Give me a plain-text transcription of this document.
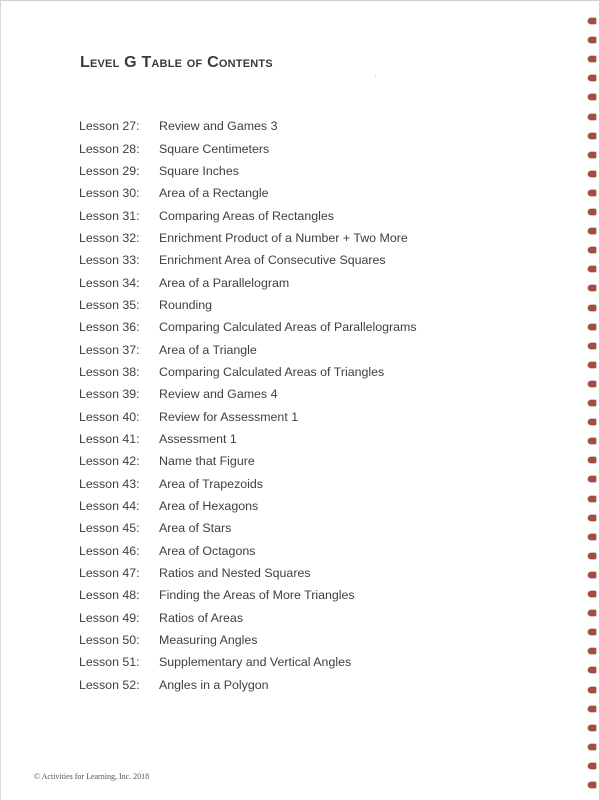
Level G Table of Contents
Lesson 27:	Review and Games 3
Lesson 28:	Square Centimeters
Lesson 29:	Square Inches
Lesson 30:	Area of a Rectangle
Lesson 31:	Comparing Areas of Rectangles
Lesson 32:	Enrichment Product of a Number + Two More
Lesson 33:	Enrichment Area of Consecutive Squares
Lesson 34:	Area of a Parallelogram
Lesson 35:	Rounding
Lesson 36:	Comparing Calculated Areas of Parallelograms
Lesson 37:	Area of a Triangle
Lesson 38:	Comparing Calculated Areas of Triangles
Lesson 39:	Review and Games 4
Lesson 40:	Review for Assessment 1
Lesson 41:	Assessment 1
Lesson 42:	Name that Figure
Lesson 43:	Area of Trapezoids
Lesson 44:	Area of Hexagons
Lesson 45:	Area of Stars
Lesson 46:	Area of Octagons
Lesson 47:	Ratios and Nested Squares
Lesson 48:	Finding the Areas of More Triangles
Lesson 49:	Ratios of Areas
Lesson 50:	Measuring Angles
Lesson 51:	Supplementary and Vertical Angles
Lesson 52:	Angles in a Polygon
© Activities for Learning, Inc. 2018
